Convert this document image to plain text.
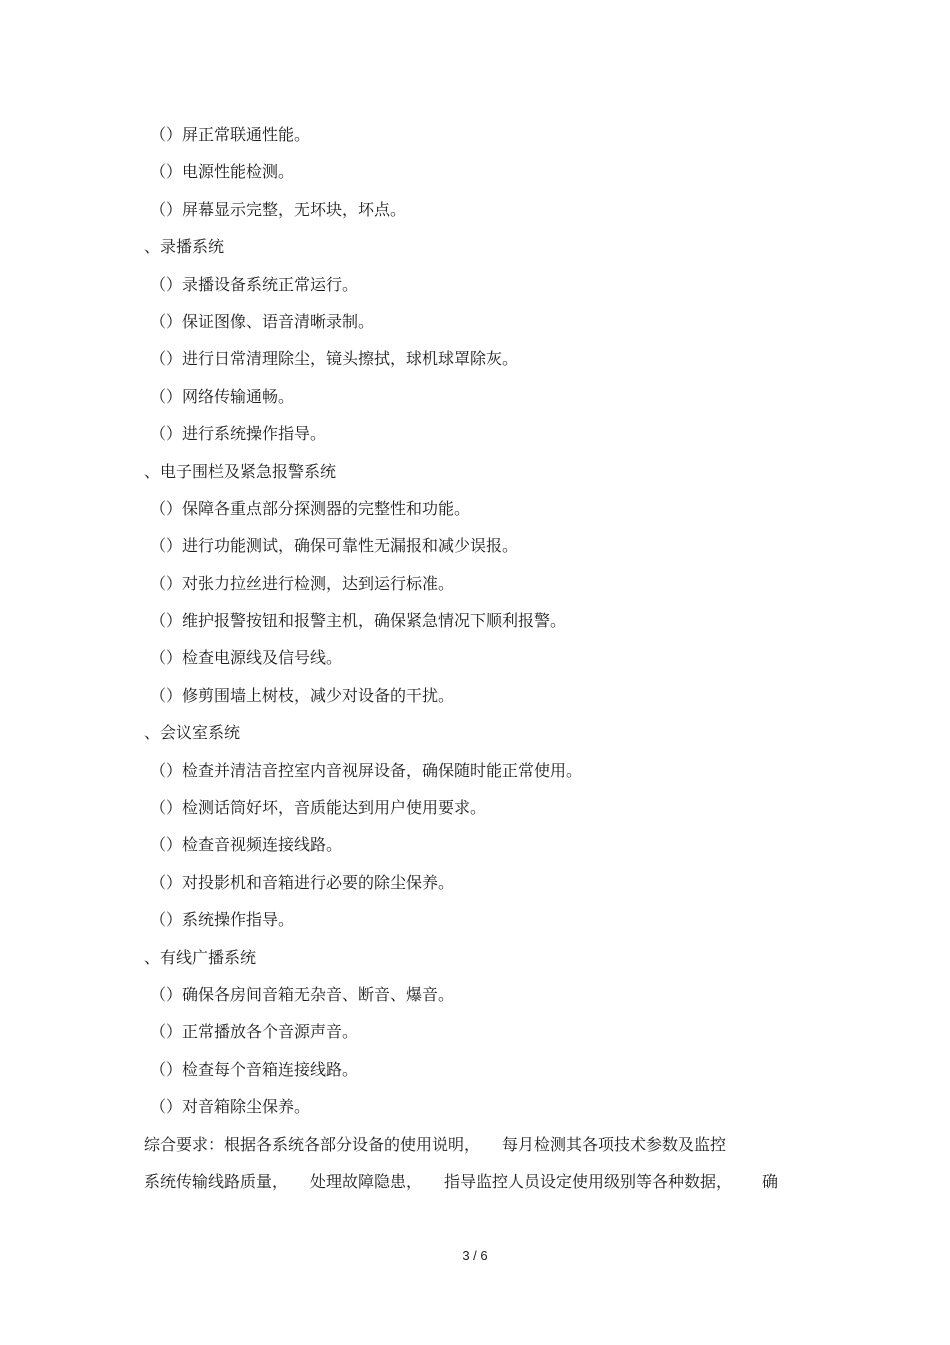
（）屏正常联通性能。
（）电源性能检测。
（）屏幕显示完整，无坏块，坏点。
、录播系统
（）录播设备系统正常运行。
（）保证图像、语音清晰录制。
（）进行日常清理除尘，镜头擦拭，球机球罩除灰。
（）网络传输通畅。
（）进行系统操作指导。
、电子围栏及紧急报警系统
（）保障各重点部分探测器的完整性和功能。
（）进行功能测试，确保可靠性无漏报和减少误报。
（）对张力拉丝进行检测，达到运行标准。
（）维护报警按钮和报警主机，确保紧急情况下顺利报警。
（）检查电源线及信号线。
（）修剪围墙上树枝，减少对设备的干扰。
、会议室系统
（）检查并清洁音控室内音视屏设备，确保随时能正常使用。
（）检测话筒好坏，音质能达到用户使用要求。
（）检查音视频连接线路。
（）对投影机和音箱进行必要的除尘保养。
（）系统操作指导。
、有线广播系统
（）确保各房间音箱无杂音、断音、爆音。
（）正常播放各个音源声音。
（）检查每个音箱连接线路。
（）对音箱除尘保养。
综合要求：根据各系统各部分设备的使用说明， 每月检测其各项技术参数及监控
系统传输线路质量， 处理故障隐患， 指导监控人员设定使用级别等各种数据， 确
3 / 6
